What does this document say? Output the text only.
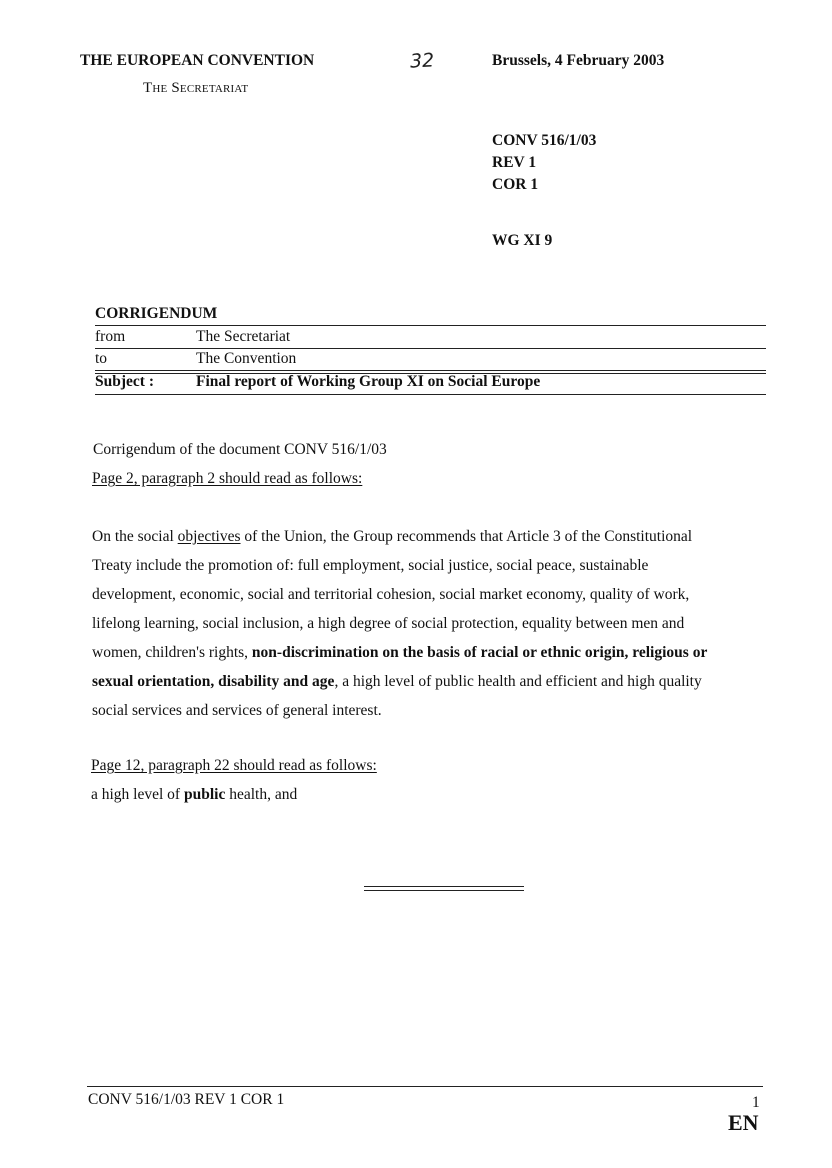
THE EUROPEAN CONVENTION
The Secretariat
32	Brussels, 4 February 2003
CONV 516/1/03
REV 1
COR 1
WG XI 9
CORRIGENDUM
from	The Secretariat
to	The Convention
Subject :	Final report of Working Group XI on Social Europe
Corrigendum of the document CONV 516/1/03
Page 2, paragraph 2 should read as follows:
On the social objectives of the Union, the Group recommends that Article 3 of the Constitutional
Treaty include the promotion of: full employment, social justice, social peace, sustainable
development, economic, social and territorial cohesion, social market economy, quality of work,
lifelong learning, social inclusion, a high degree of social protection, equality between men and
women, children's rights, non-discrimination on the basis of racial or ethnic origin, religious or
sexual orientation, disability and age, a high level of public health and efficient and high quality
social services and services of general interest.
Page 12, paragraph 22 should read as follows:
a high level of public health, and
CONV 516/1/03 REV 1 COR 1	1
EN
